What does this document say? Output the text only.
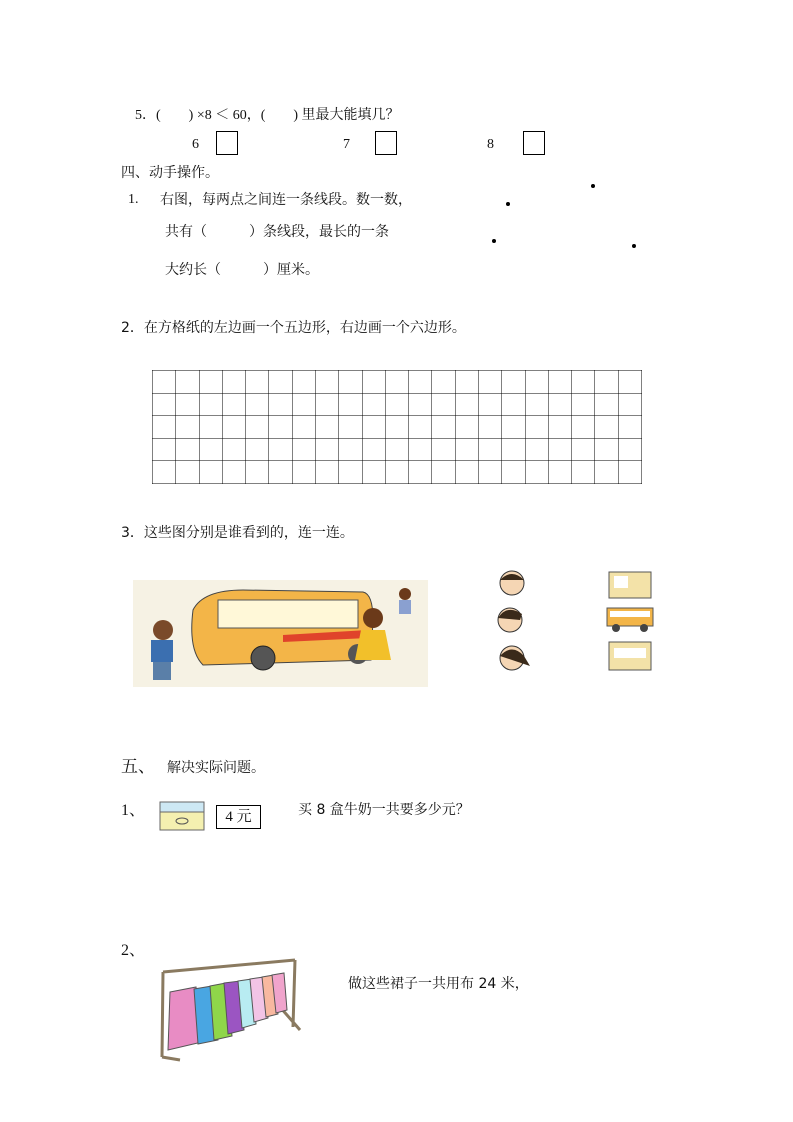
5．(　　) ×8 ＜ 60，(　　) 里最大能填几？
6	7	8
四、动手操作。
1. 右图，每两点之间连一条线段。数一数，
共有（　　　）条线段，最长的一条
大约长（　　　）厘米。
2．在方格纸的左边画一个五边形，右边画一个六边形。
3．这些图分别是谁看到的，连一连。
五、 解决实际问题。
1、	4 元	买 8 盒牛奶一共要多少元？
2、
做这些裙子一共用布 24 米，
